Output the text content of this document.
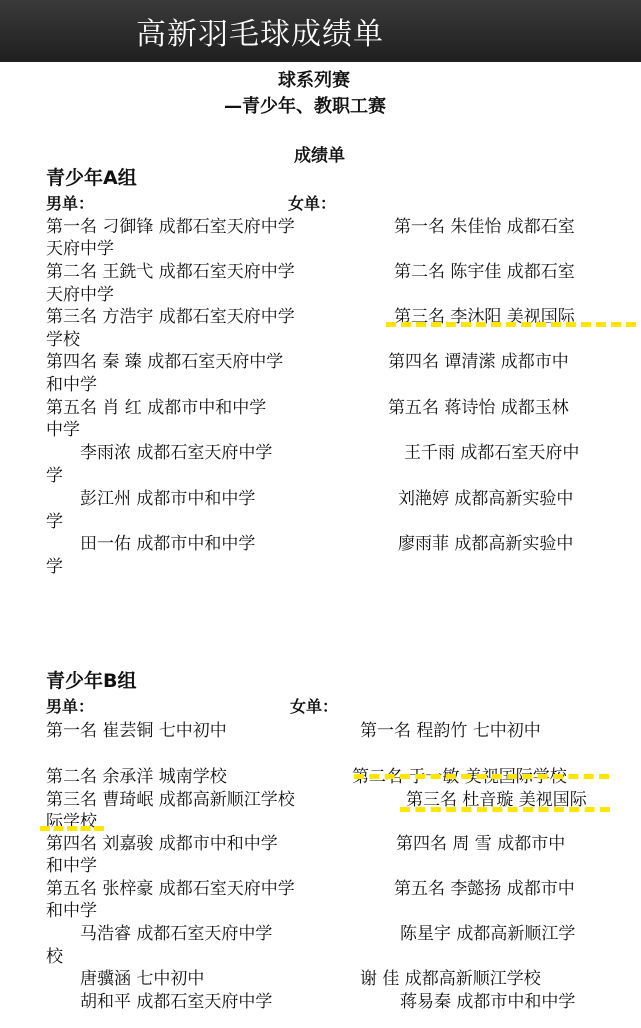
高新羽毛球成绩单
球系列赛
—青少年、教职工赛
成绩单
青少年A组
男单：	女单：
第一名 刁御锋 成都石室天府中学
天府中学
第二名 王銑弋 成都石室天府中学
天府中学
第三名 方浩宇 成都石室天府中学
学校
第四名 秦 臻 成都石室天府中学
和中学
第五名 肖 红 成都市中和中学
中学
李雨浓 成都石室天府中学
学
彭江州 成都市中和中学
学
田一佑 成都市中和中学
学
第一名 朱佳怡 成都石室
第二名 陈宇佳 成都石室
第三名 李沐阳 美视国际
第四名 谭清潆 成都市中
第五名 蒋诗怡 成都玉林
王千雨 成都石室天府中
刘滟婷 成都高新实验中
廖雨菲 成都高新实验中
青少年B组
男单：	女单：
第一名 崔芸铜 七中初中
第二名 余承洋 城南学校
第三名 曹琦岷 成都高新顺江学校
际学校
第四名 刘嘉骏 成都市中和中学
和中学
第五名 张梓豪 成都石室天府中学
和中学
马浩睿 成都石室天府中学
校
唐骥涵 七中初中
胡和平 成都石室天府中学
第一名 程韵竹 七中初中
第二名 于一敏 美视国际学校
第三名 杜音璇 美视国际
第四名 周 雪 成都市中
第五名 李懿扬 成都市中
陈星宇 成都高新顺江学
谢 佳 成都高新顺江学校
蒋易秦 成都市中和中学
